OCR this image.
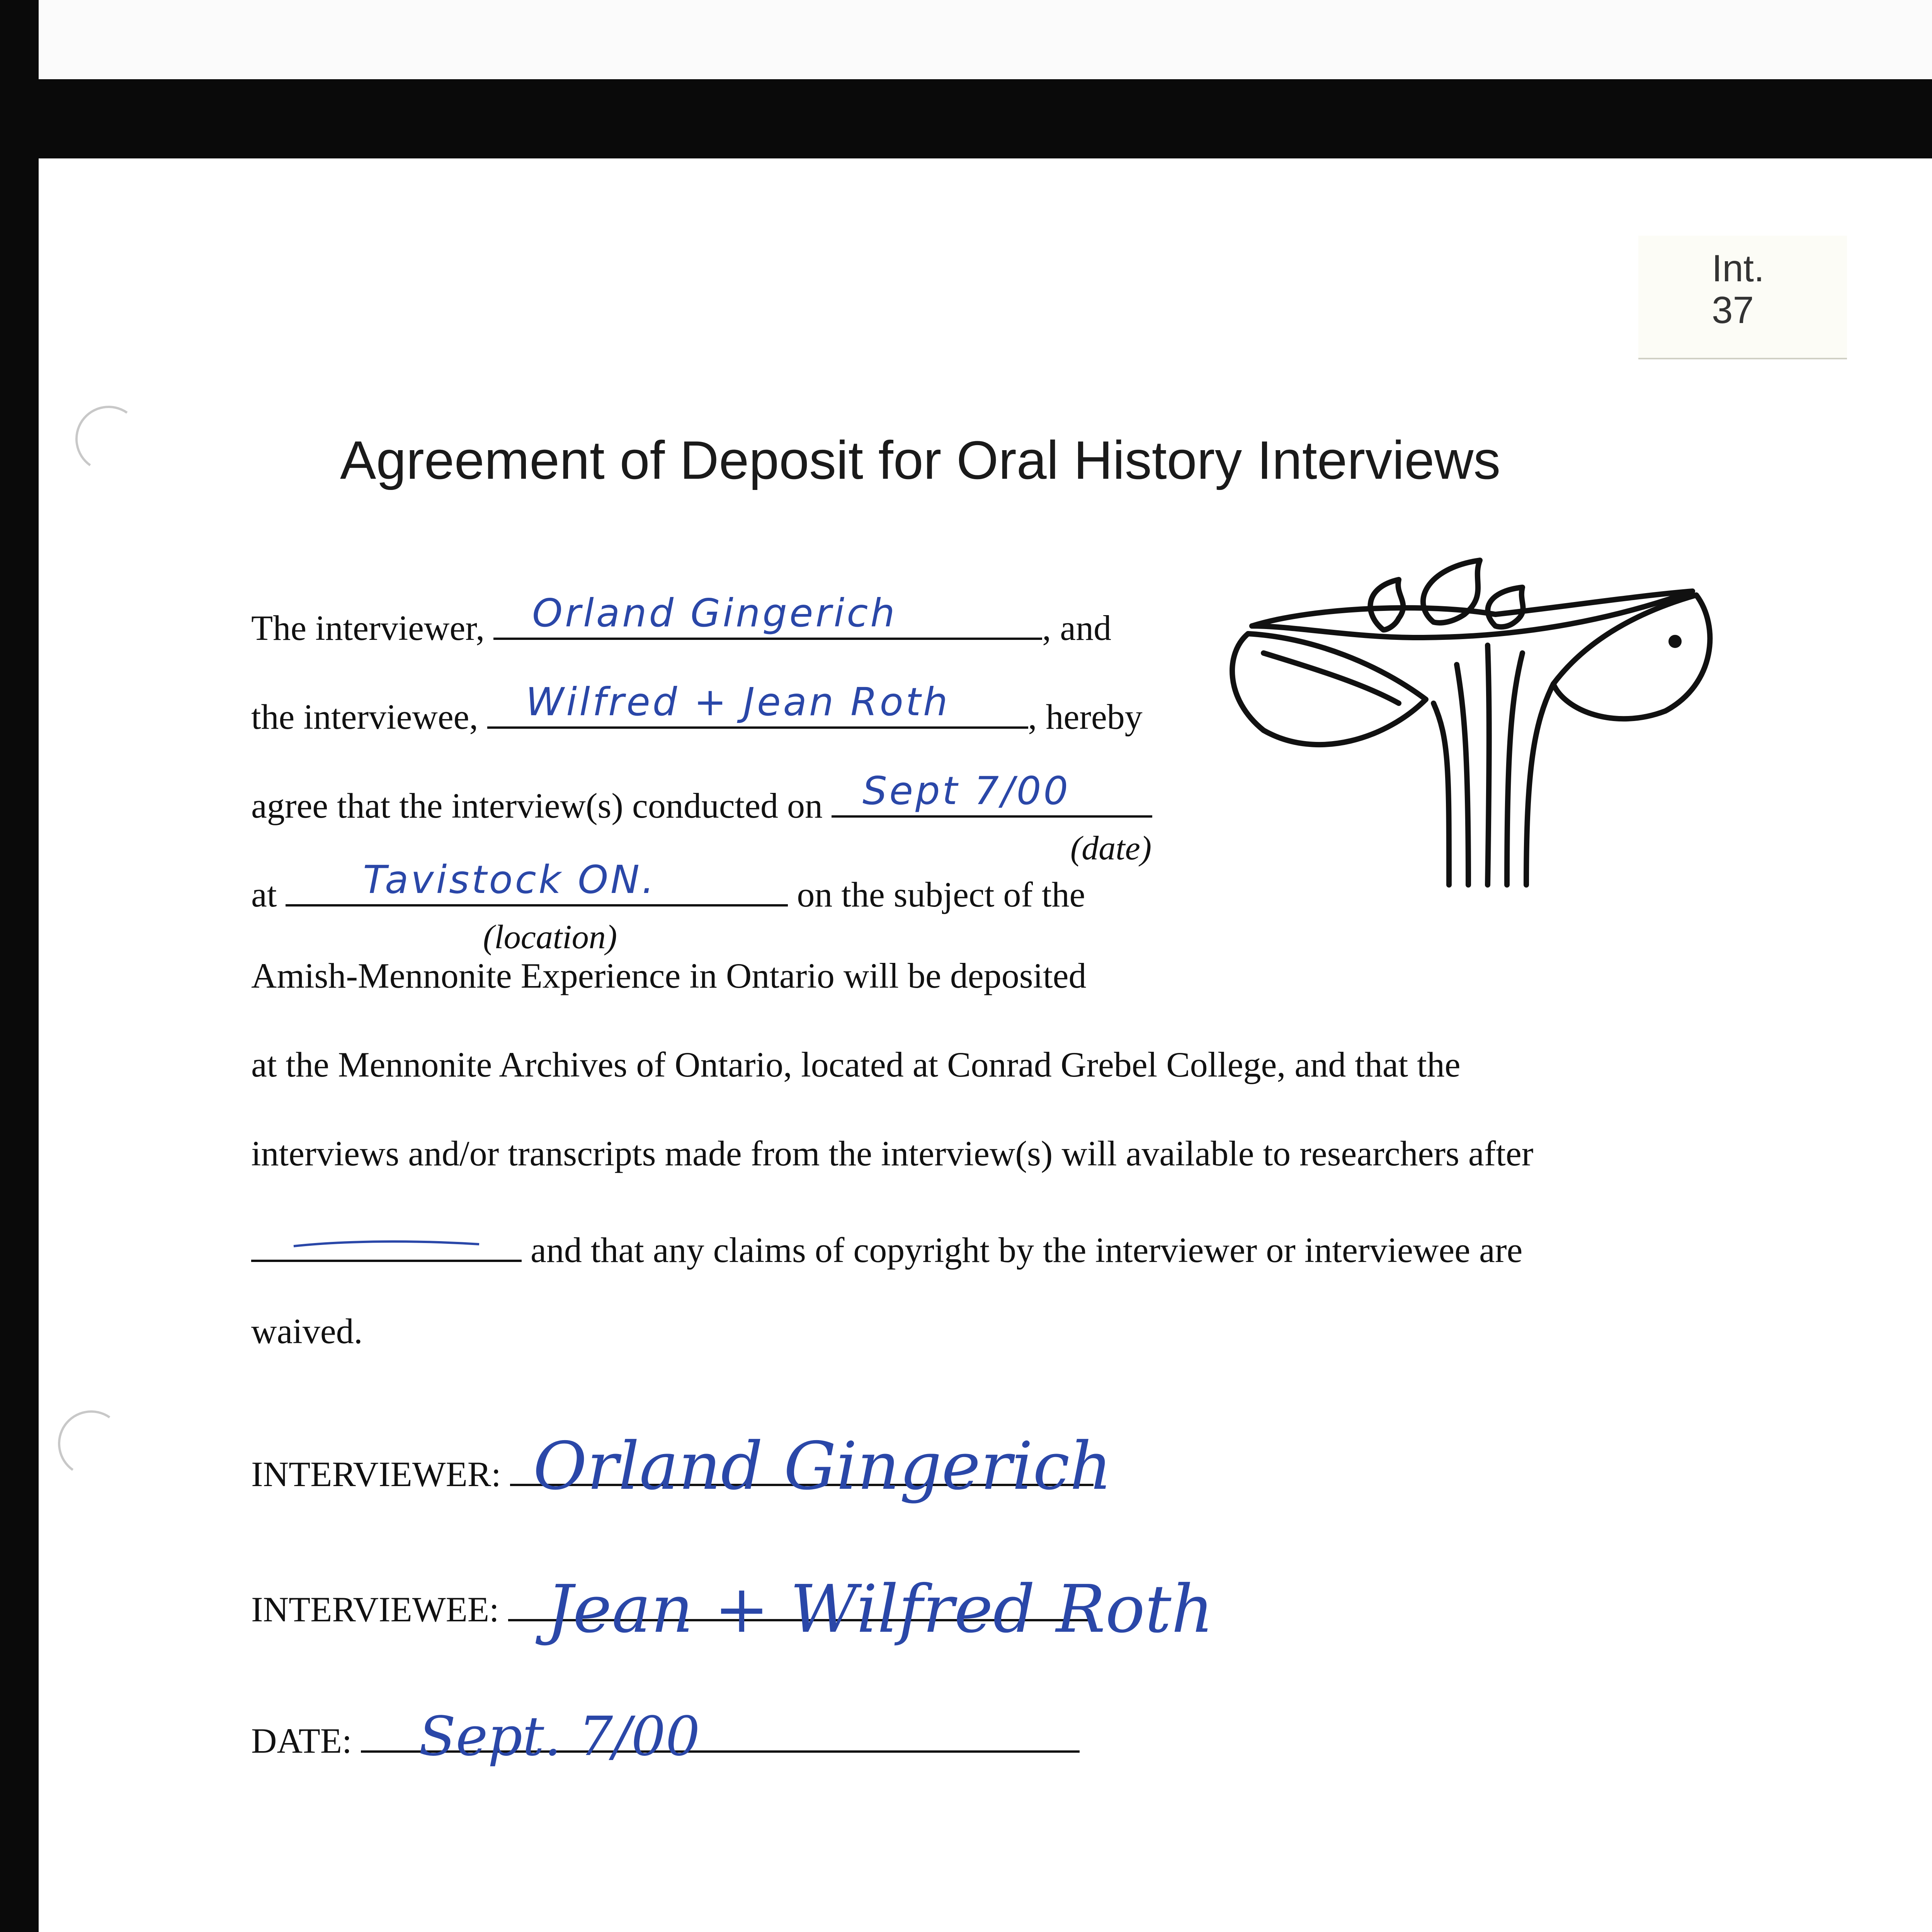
Int.
37
Agreement of Deposit for Oral History Interviews
The interviewer, Orland Gingerich	, and
the interviewee, Wilfred + Jean Roth , hereby
agree that the interview(s) conducted on Sept 7/00
(date)
at Tavistock ON.	on the subject of the
(location)
Amish-Mennonite Experience in Ontario will be deposited
at the Mennonite Archives of Ontario, located at Conrad Grebel College, and that the
interviews and/or transcripts made from the interview(s) will available to researchers after
and that any claims of copyright by the interviewer or interviewee are
waived.
INTERVIEWER: Orland Gingerich
INTERVIEWEE: Jean + Wilfred Roth
DATE: Sept. 7/00
